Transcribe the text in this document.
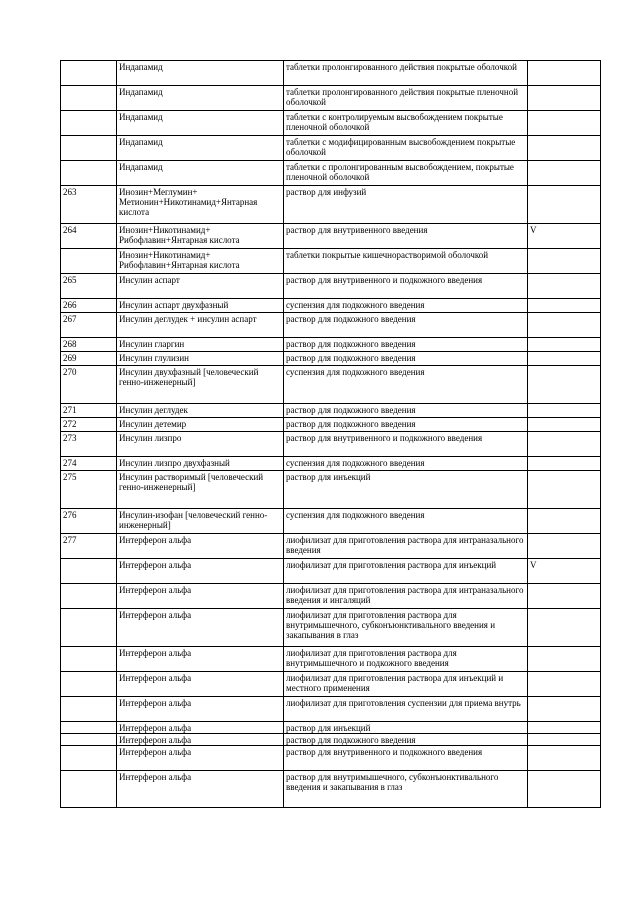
	Индапамид	таблетки пролонгированного действия покрытые оболочкой	
	Индапамид	таблетки пролонгированного действия покрытые пленочной оболочкой	
	Индапамид	таблетки с контролируемым высвобождением покрытые пленочной оболочкой	
	Индапамид	таблетки с модифицированным высвобождением покрытые оболочкой	
	Индапамид	таблетки с пролонгированным высвобождением, покрытые пленочной оболочкой	
263	Инозин+Меглумин+ Метионин+Никотинамид+Янтарная кислота	раствор для инфузий	
264	Инозин+Никотинамид+ Рибофлавин+Янтарная кислота	раствор для внутривенного введения	V
	Инозин+Никотинамид+ Рибофлавин+Янтарная кислота	таблетки покрытые кишечнорастворимой оболочкой	
265	Инсулин аспарт	раствор для внутривенного и подкожного введения	
266	Инсулин аспарт двухфазный	суспензия для подкожного введения	
267	Инсулин деглудек + инсулин аспарт	раствор для подкожного введения	
268	Инсулин гларгин	раствор для подкожного введения	
269	Инсулин глулизин	раствор для подкожного введения	
270	Инсулин двухфазный [человеческий генно-инженерный]	суспензия для подкожного введения	
271	Инсулин деглудек	раствор для подкожного введения	
272	Инсулин детемир	раствор для подкожного введения	
273	Инсулин лизпро	раствор для внутривенного и подкожного введения	
274	Инсулин лизпро двухфазный	суспензия для подкожного введения	
275	Инсулин растворимый [человеческий генно-инженерный]	раствор для инъекций	
276	Инсулин-изофан [человеческий генно-инженерный]	суспензия для подкожного введения	
277	Интерферон альфа	лиофилизат для приготовления раствора для интраназального введения	
	Интерферон альфа	лиофилизат для приготовления раствора для инъекций	V
	Интерферон альфа	лиофилизат для приготовления раствора для интраназального введения и ингаляций	
	Интерферон альфа	лиофилизат для приготовления раствора для внутримышечного, субконъюнктивального введения и закапывания в глаз	
	Интерферон альфа	лиофилизат для приготовления раствора для внутримышечного и подкожного введения	
	Интерферон альфа	лиофилизат для приготовления раствора для инъекций и местного применения	
	Интерферон альфа	лиофилизат для приготовления суспензии для приема внутрь	
	Интерферон альфа	раствор для инъекций	
	Интерферон альфа	раствор для подкожного введения	
	Интерферон альфа	раствор для внутривенного и подкожного введения	
	Интерферон альфа	раствор для внутримышечного, субконъюнктивального введения и закапывания в глаз	
